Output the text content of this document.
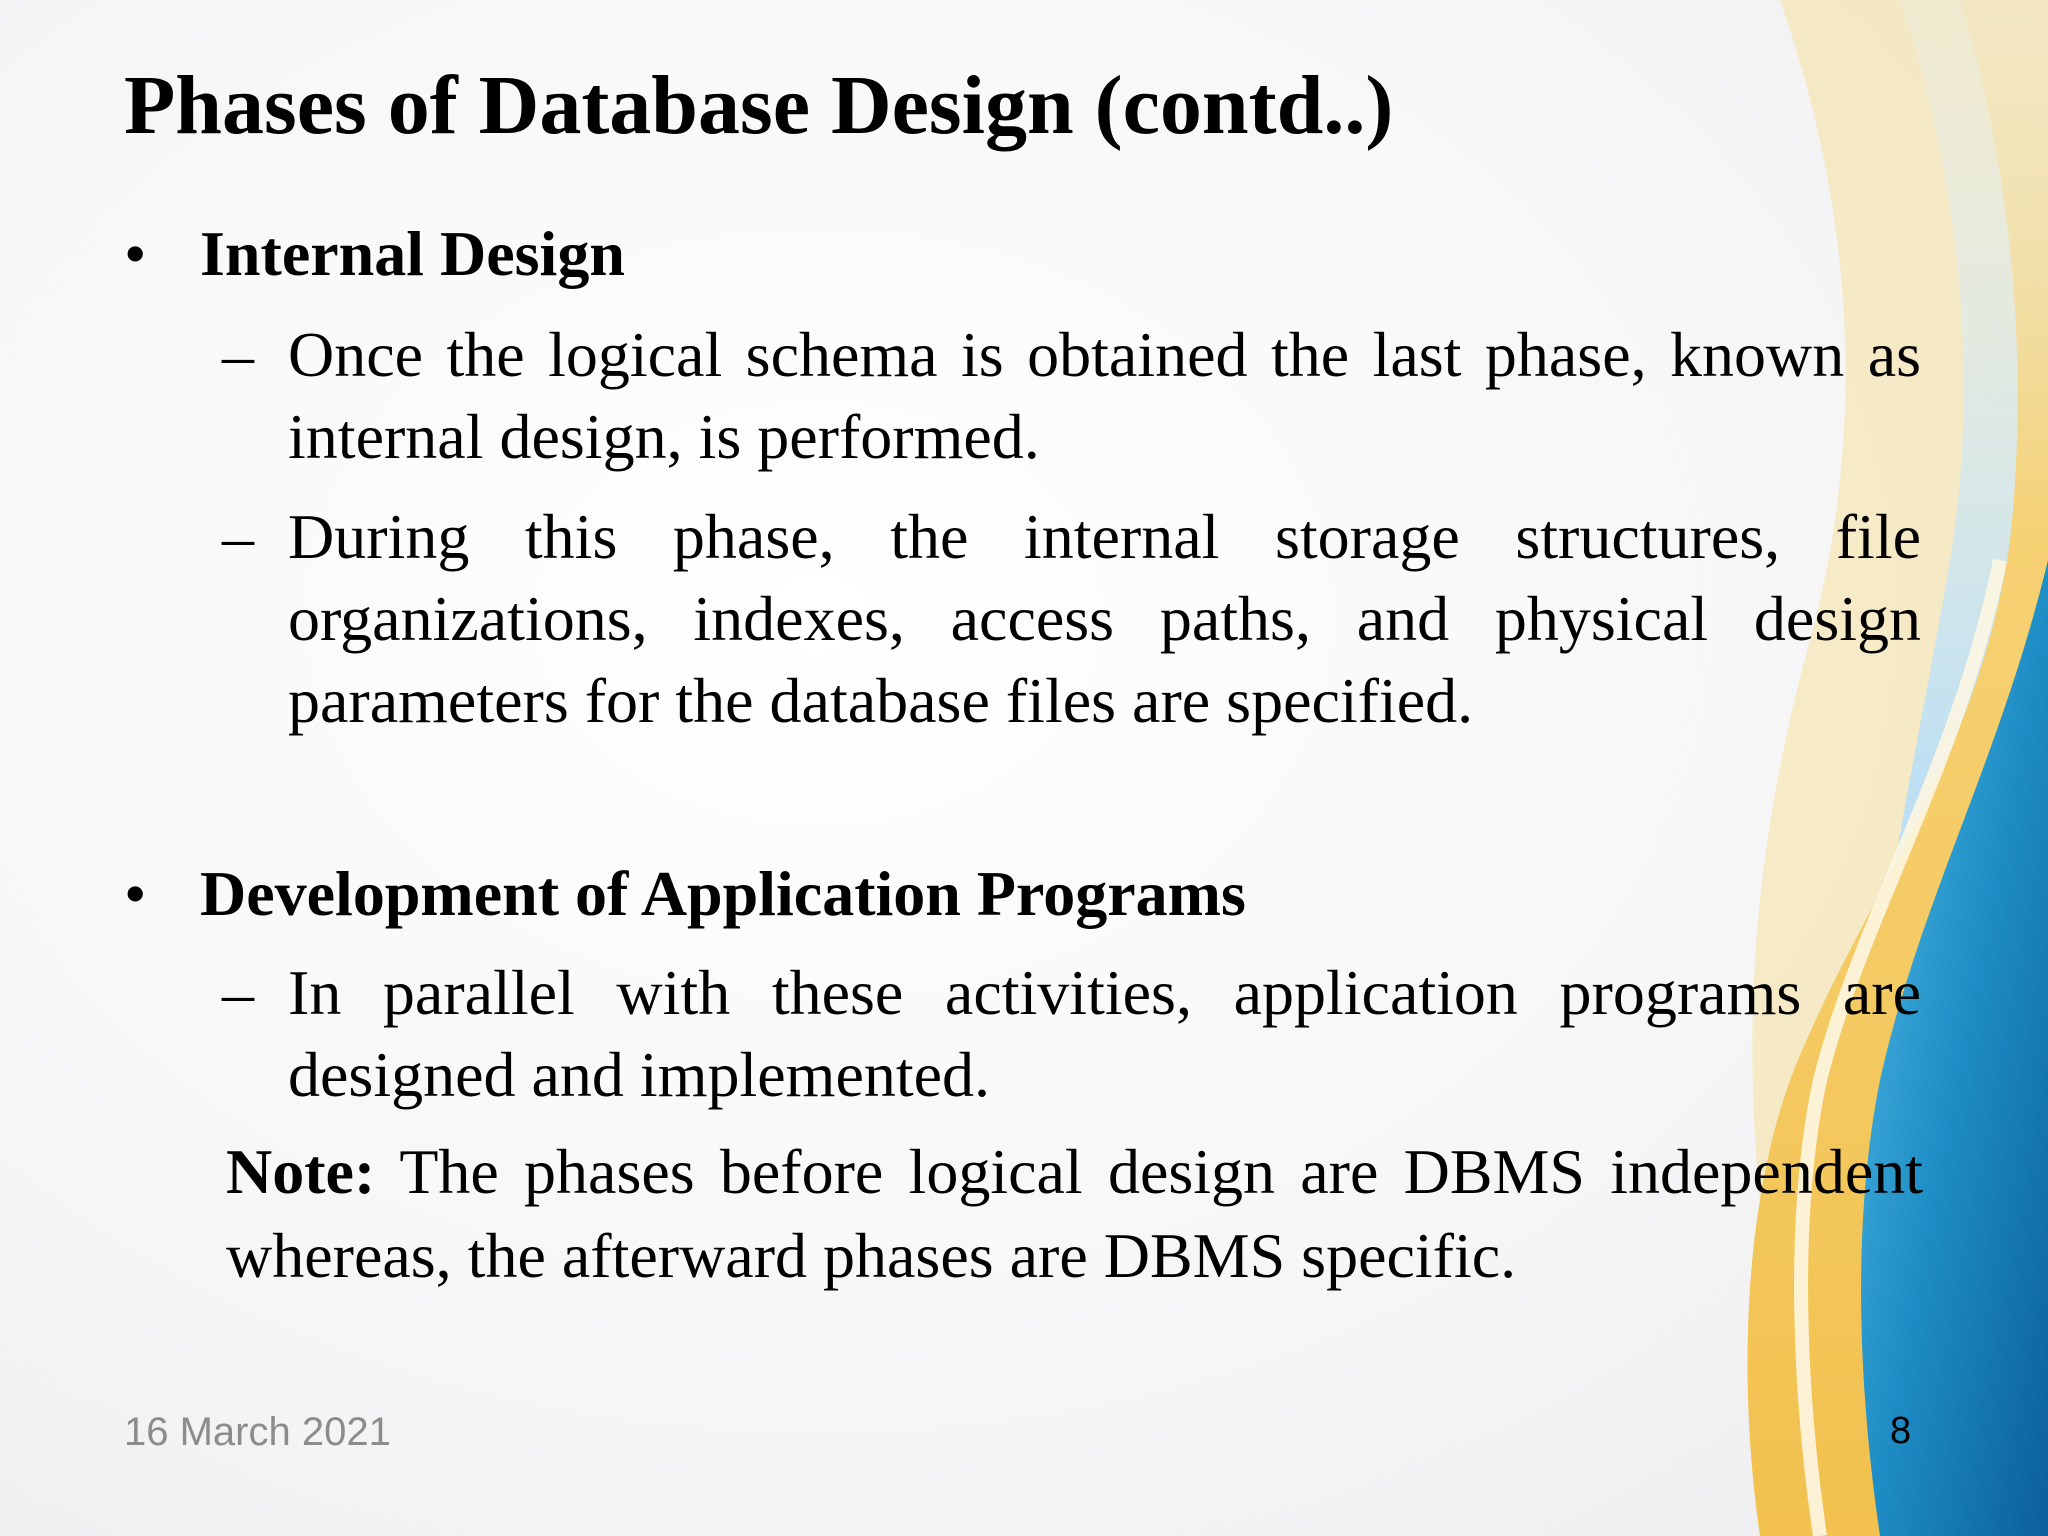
Phases of Database Design (contd..)

• Internal Design

– Once the logical schema is obtained the last phase, known as internal design, is performed.

– During this phase, the internal storage structures, file organizations, indexes, access paths, and physical design parameters for the database files are specified.

• Development of Application Programs

– In parallel with these activities, application programs are designed and implemented.

Note: The phases before logical design are DBMS independent whereas, the afterward phases are DBMS specific.

16 March 2021	8
